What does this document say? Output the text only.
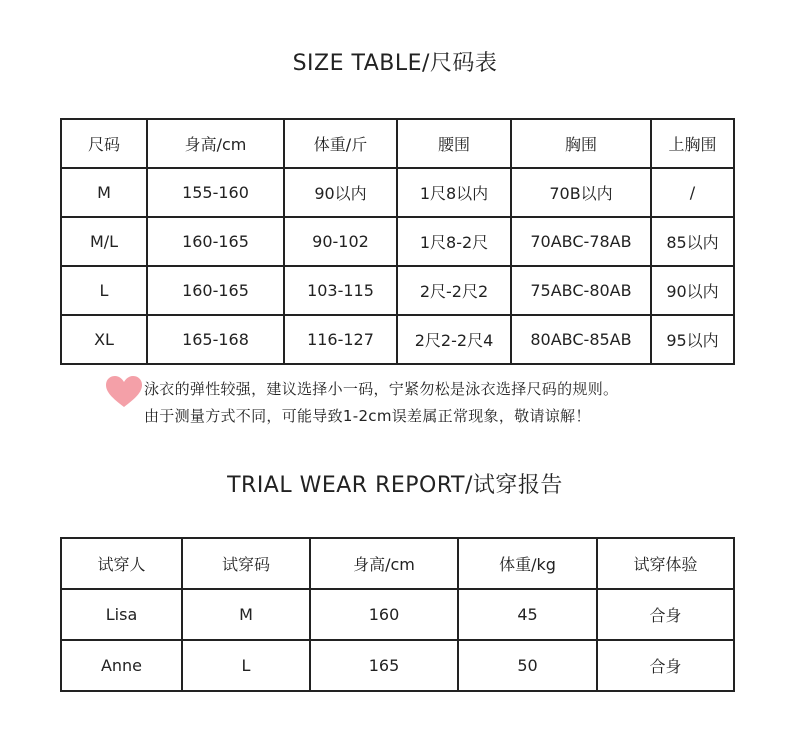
SIZE TABLE/尺码表
尺码	身高/cm	体重/斤	腰围	胸围	上胸围
M	155-160	90以内	1尺8以内	70B以内	/
M/L	160-165	90-102	1尺8-2尺	70ABC-78AB	85以内
L	160-165	103-115	2尺-2尺2	75ABC-80AB	90以内
XL	165-168	116-127	2尺2-2尺4	80ABC-85AB	95以内
泳衣的弹性较强，建议选择小一码，宁紧勿松是泳衣选择尺码的规则。
由于测量方式不同，可能导致1-2cm误差属正常现象，敬请谅解！
TRIAL WEAR REPORT/试穿报告
试穿人	试穿码	身高/cm	体重/kg	试穿体验
Lisa	M	160	45	合身
Anne	L	165	50	合身
